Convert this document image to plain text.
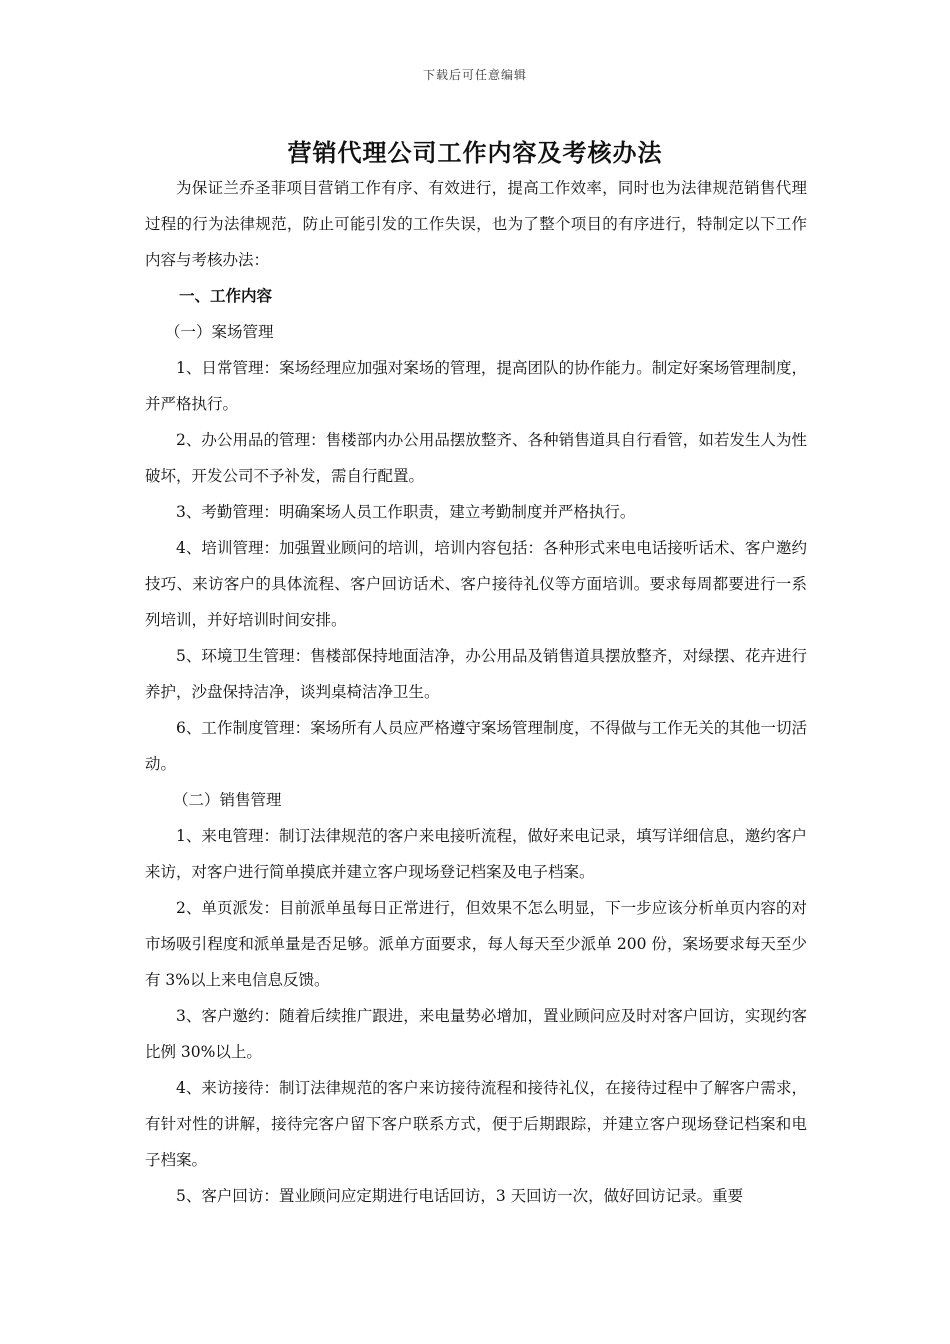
下载后可任意编辑
营销代理公司工作内容及考核办法

为保证兰乔圣菲项目营销工作有序、有效进行，提高工作效率，同时也为法律规范销售代理过程的行为法律规范，防止可能引发的工作失误，也为了整个项目的有序进行，特制定以下工作内容与考核办法：

一、工作内容

（一）案场管理

1、日常管理：案场经理应加强对案场的管理，提高团队的协作能力。制定好案场管理制度，并严格执行。

2、办公用品的管理：售楼部内办公用品摆放整齐、各种销售道具自行看管，如若发生人为性破坏，开发公司不予补发，需自行配置。

3、考勤管理：明确案场人员工作职责，建立考勤制度并严格执行。

4、培训管理：加强置业顾问的培训，培训内容包括：各种形式来电电话接听话术、客户邀约技巧、来访客户的具体流程、客户回访话术、客户接待礼仪等方面培训。要求每周都要进行一系列培训，并好培训时间安排。

5、环境卫生管理：售楼部保持地面洁净，办公用品及销售道具摆放整齐，对绿摆、花卉进行养护，沙盘保持洁净，谈判桌椅洁净卫生。

6、工作制度管理：案场所有人员应严格遵守案场管理制度，不得做与工作无关的其他一切活动。

（二）销售管理

1、来电管理：制订法律规范的客户来电接听流程，做好来电记录，填写详细信息，邀约客户来访，对客户进行简单摸底并建立客户现场登记档案及电子档案。

2、单页派发：目前派单虽每日正常进行，但效果不怎么明显，下一步应该分析单页内容的对市场吸引程度和派单量是否足够。派单方面要求，每人每天至少派单 200 份，案场要求每天至少有 3%以上来电信息反馈。

3、客户邀约：随着后续推广跟进，来电量势必增加，置业顾问应及时对客户回访，实现约客比例 30%以上。

4、来访接待：制订法律规范的客户来访接待流程和接待礼仪，在接待过程中了解客户需求，有针对性的讲解，接待完客户留下客户联系方式，便于后期跟踪，并建立客户现场登记档案和电子档案。

5、客户回访：置业顾问应定期进行电话回访，3 天回访一次，做好回访记录。重要
